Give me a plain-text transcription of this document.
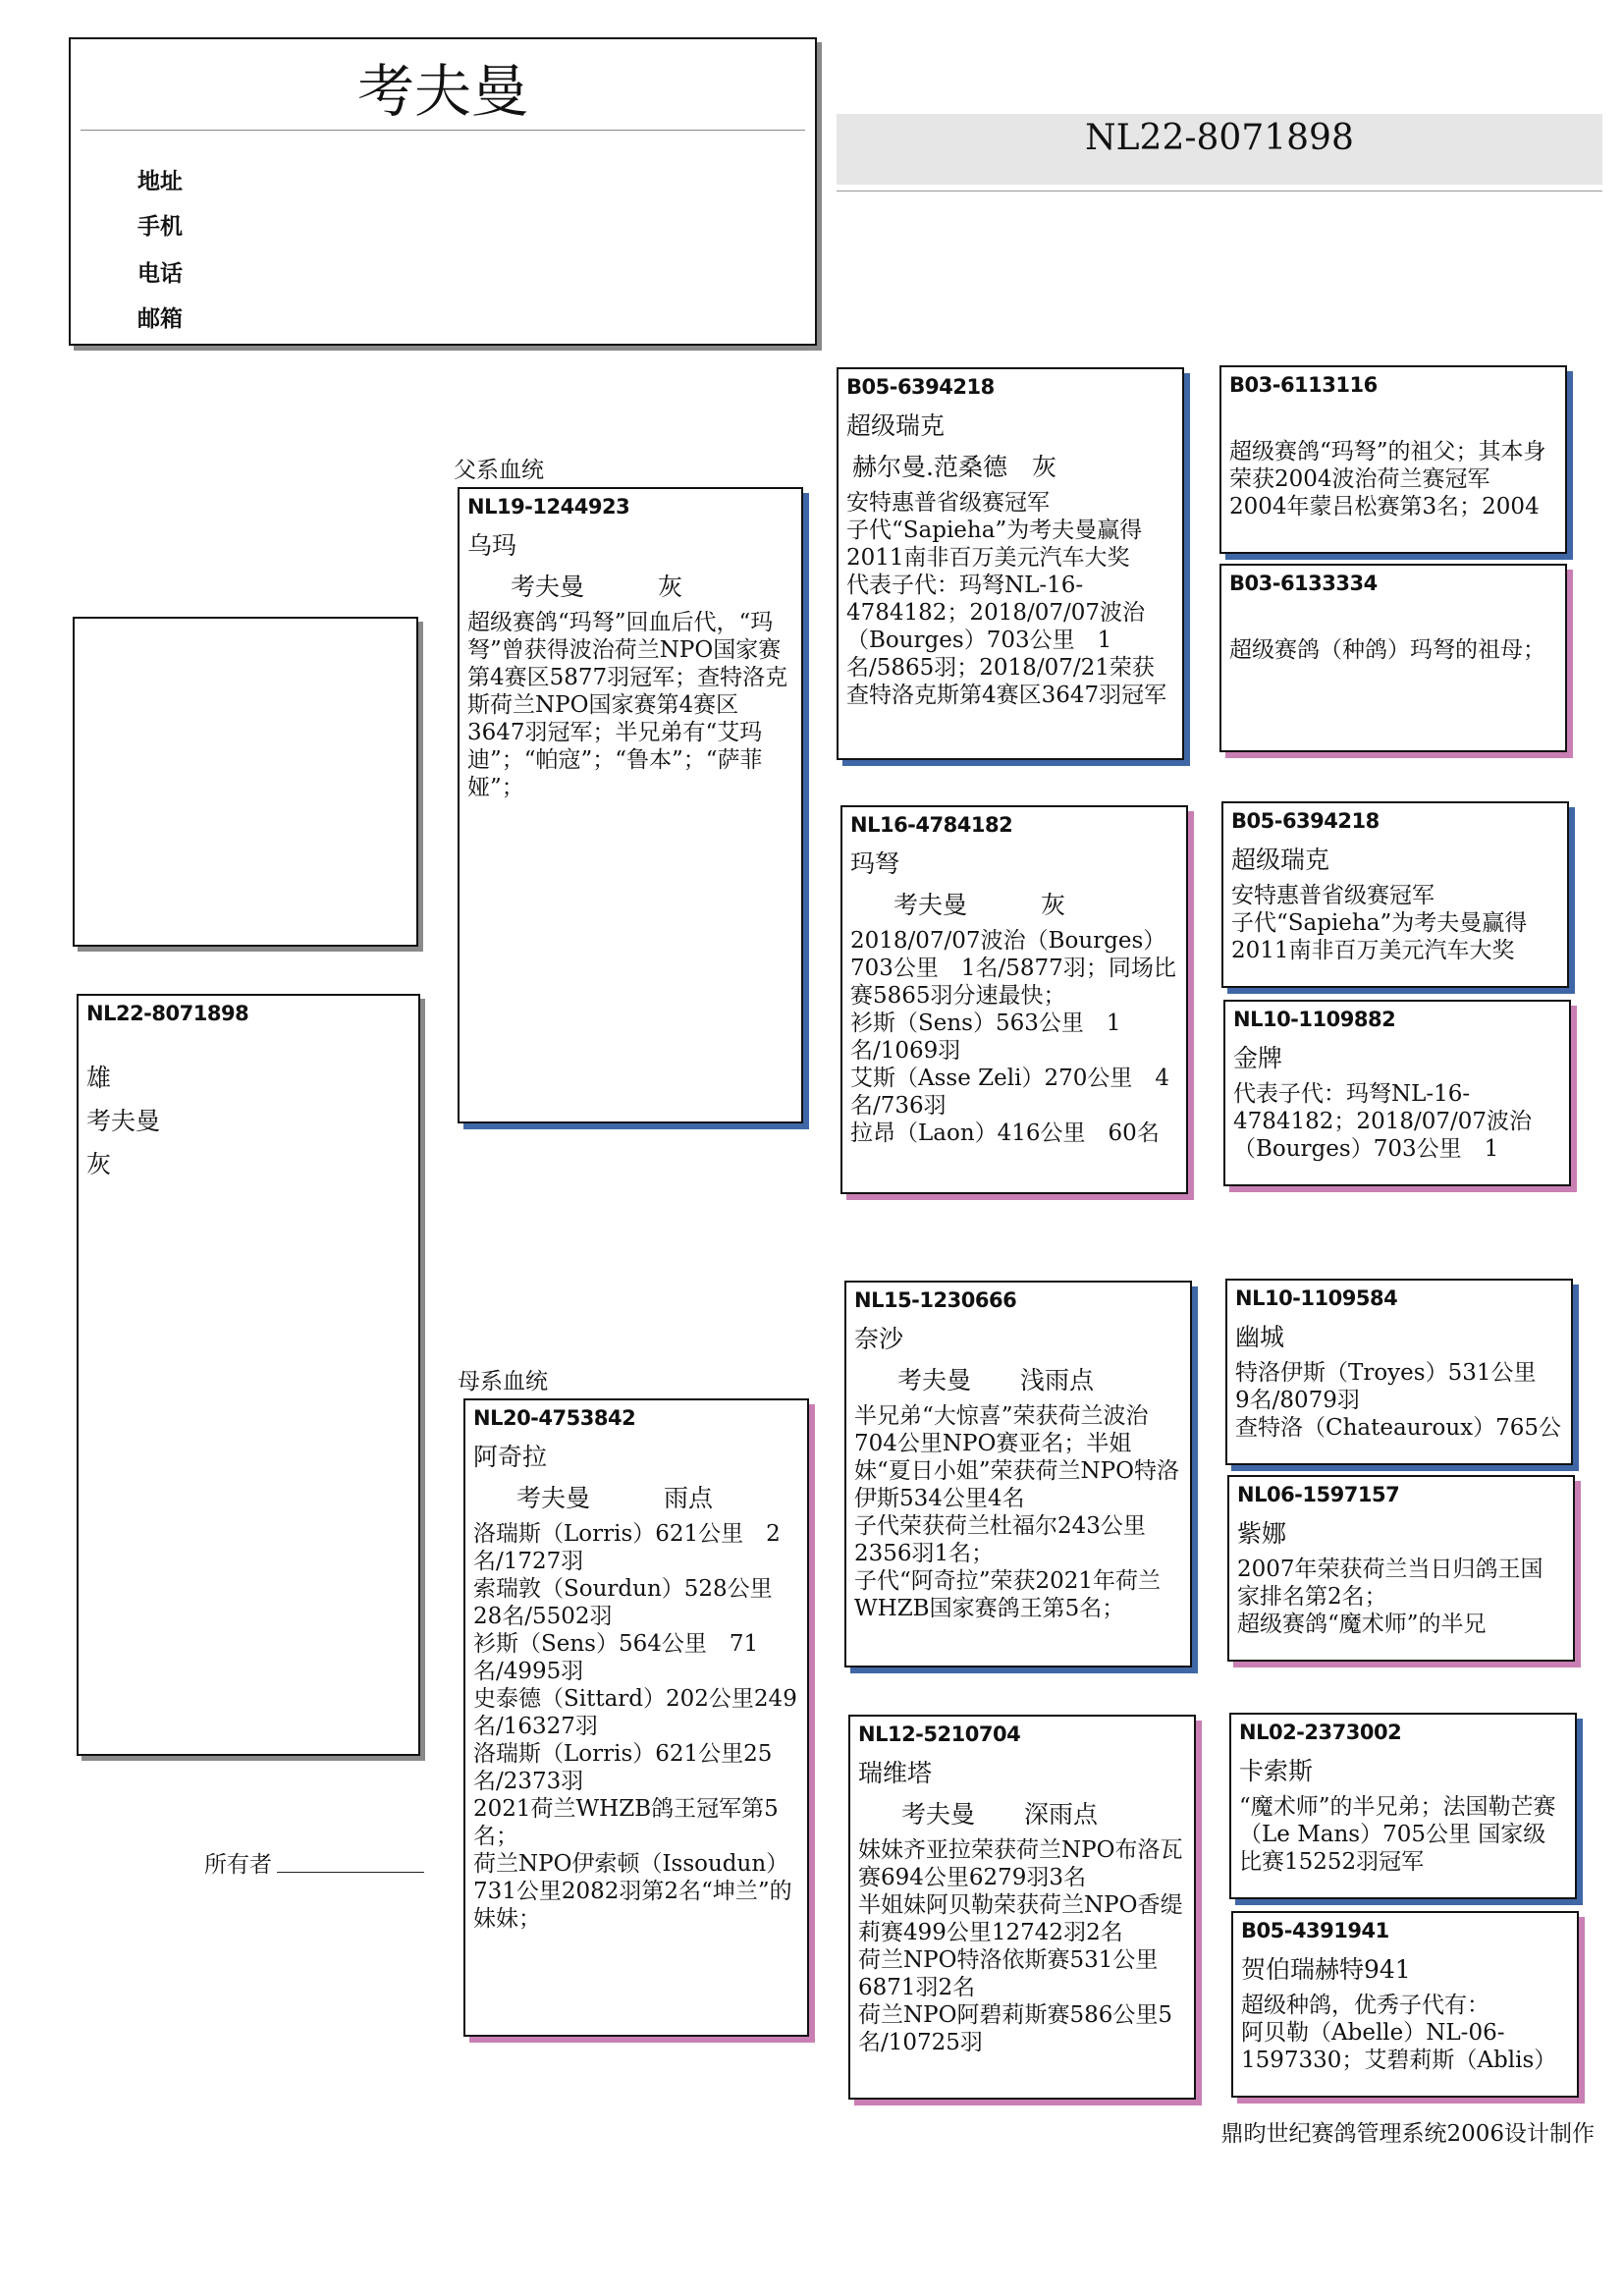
考夫曼
地址
手机
电话
邮箱
NL22-8071898
NL22-8071898
雄
考夫曼
灰
所有者
父系血统
母系血统
NL19-1244923
乌玛
考夫曼　　　灰
超级赛鸽“玛弩”回血后代，“玛弩”曾获得波治荷兰NPO国家赛第4赛区5877羽冠军；查特洛克斯荷兰NPO国家赛第4赛区3647羽冠军；半兄弟有“艾玛迪”；“帕寇”；“鲁本”；“萨菲娅”；
NL20-4753842
阿奇拉
考夫曼　　　雨点
洛瑞斯（Lorris）621公里　2名/1727羽
索瑞敦（Sourdun）528公里28名/5502羽
衫斯（Sens）564公里　71名/4995羽
史泰德（Sittard）202公里249名/16327羽
洛瑞斯（Lorris）621公里25名/2373羽
2021荷兰WHZB鸽王冠军第5名；
荷兰NPO伊索顿（Issoudun）731公里2082羽第2名“坤兰”的妹妹；
B05-6394218
超级瑞克
赫尔曼.范桑德　灰
安特惠普省级赛冠军
子代“Sapieha”为考夫曼赢得2011南非百万美元汽车大奖
代表子代：玛弩NL-16-4784182；2018/07/07波治（Bourges）703公里　1名/5865羽；2018/07/21荣获查特洛克斯第4赛区3647羽冠军
NL16-4784182
玛弩
考夫曼　　　灰
2018/07/07波治（Bourges）703公里　1名/5877羽；同场比赛5865羽分速最快；
衫斯（Sens）563公里　1名/1069羽
艾斯（Asse Zeli）270公里　4名/736羽
拉昂（Laon）416公里　60名
NL15-1230666
奈沙
考夫曼　　浅雨点
半兄弟“大惊喜”荣获荷兰波治704公里NPO赛亚名；半姐妹“夏日小姐”荣获荷兰NPO特洛伊斯534公里4名
子代荣获荷兰杜福尔243公里2356羽1名；
子代“阿奇拉”荣获2021年荷兰WHZB国家赛鸽王第5名；
NL12-5210704
瑞维塔
考夫曼　　深雨点
妹妹齐亚拉荣获荷兰NPO布洛瓦赛694公里6279羽3名
半姐妹阿贝勒荣获荷兰NPO香缇莉赛499公里12742羽2名
荷兰NPO特洛依斯赛531公里6871羽2名
荷兰NPO阿碧莉斯赛586公里5名/10725羽
B03-6113116
超级赛鸽“玛弩”的祖父；其本身荣获2004波治荷兰赛冠军
2004年蒙吕松赛第3名；2004
B03-6133334
超级赛鸽（种鸽）玛弩的祖母；
B05-6394218
超级瑞克
安特惠普省级赛冠军
子代“Sapieha”为考夫曼赢得2011南非百万美元汽车大奖
NL10-1109882
金牌
代表子代：玛弩NL-16-4784182；2018/07/07波治（Bourges）703公里　1
NL10-1109584
幽城
特洛伊斯（Troyes）531公里　9名/8079羽
查特洛（Chateauroux）765公
NL06-1597157
紫娜
2007年荣获荷兰当日归鸽王国家排名第2名；
超级赛鸽“魔术师”的半兄
NL02-2373002
卡索斯
“魔术师”的半兄弟；法国勒芒赛（Le Mans）705公里 国家级比赛15252羽冠军
B05-4391941
贺伯瑞赫特941
超级种鸽，优秀子代有：
阿贝勒（Abelle）NL-06-1597330；艾碧莉斯（Ablis）
鼎昀世纪赛鸽管理系统2006设计制作
